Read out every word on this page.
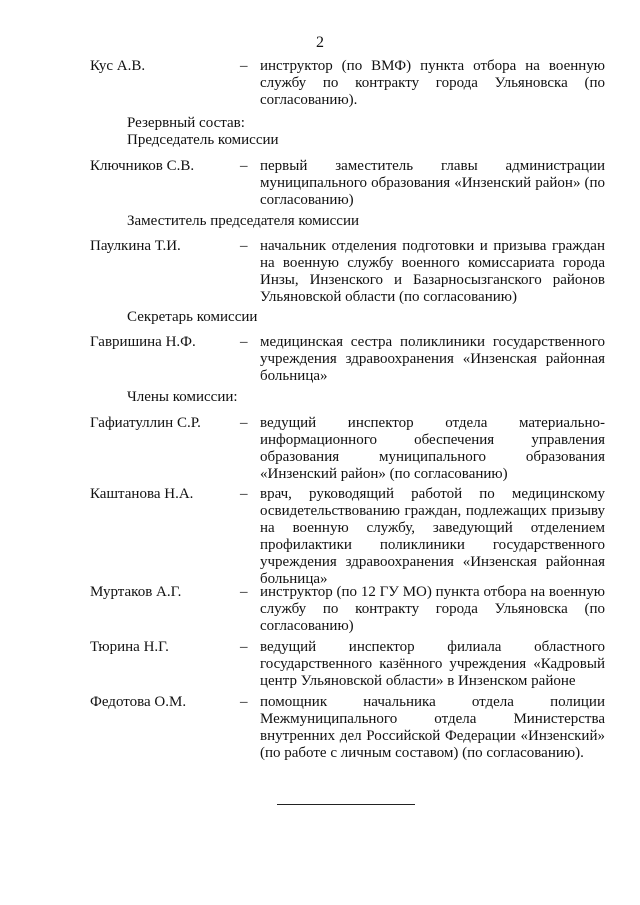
2
Кус А.В.	– инструктор (по ВМФ) пункта отбора на военную службу по контракту города Ульяновска (по согласованию).
Резервный состав:
Председатель комиссии
Ключников С.В.	– первый заместитель главы администрации муниципального образования «Инзенский район» (по согласованию)
Заместитель председателя комиссии
Паулкина Т.И.	– начальник отделения подготовки и призыва граждан на военную службу военного комиссариата города Инзы, Инзенского и Базарносызганского районов Ульяновской области (по согласованию)
Секретарь комиссии
Гавришина Н.Ф.	– медицинская сестра поликлиники государственного учреждения здравоохранения «Инзенская районная больница»
Члены комиссии:
Гафиатуллин С.Р.	– ведущий инспектор отдела материально-информационного обеспечения управления образования муниципального образования «Инзенский район» (по согласованию)
Каштанова Н.А.	– врач, руководящий работой по медицинскому освидетельствованию граждан, подлежащих призыву на военную службу, заведующий отделением профилактики поликлиники государственного учреждения здравоохранения «Инзенская районная больница»
Муртаков А.Г.	– инструктор (по 12 ГУ МО) пункта отбора на военную службу по контракту города Ульяновска (по согласованию)
Тюрина Н.Г.	– ведущий инспектор филиала областного государственного казённого учреждения «Кадровый центр Ульяновской области» в Инзенском районе
Федотова О.М.	– помощник начальника отдела полиции Межмуниципального отдела Министерства внутренних дел Российской Федерации «Инзенский» (по работе с личным составом) (по согласованию).
